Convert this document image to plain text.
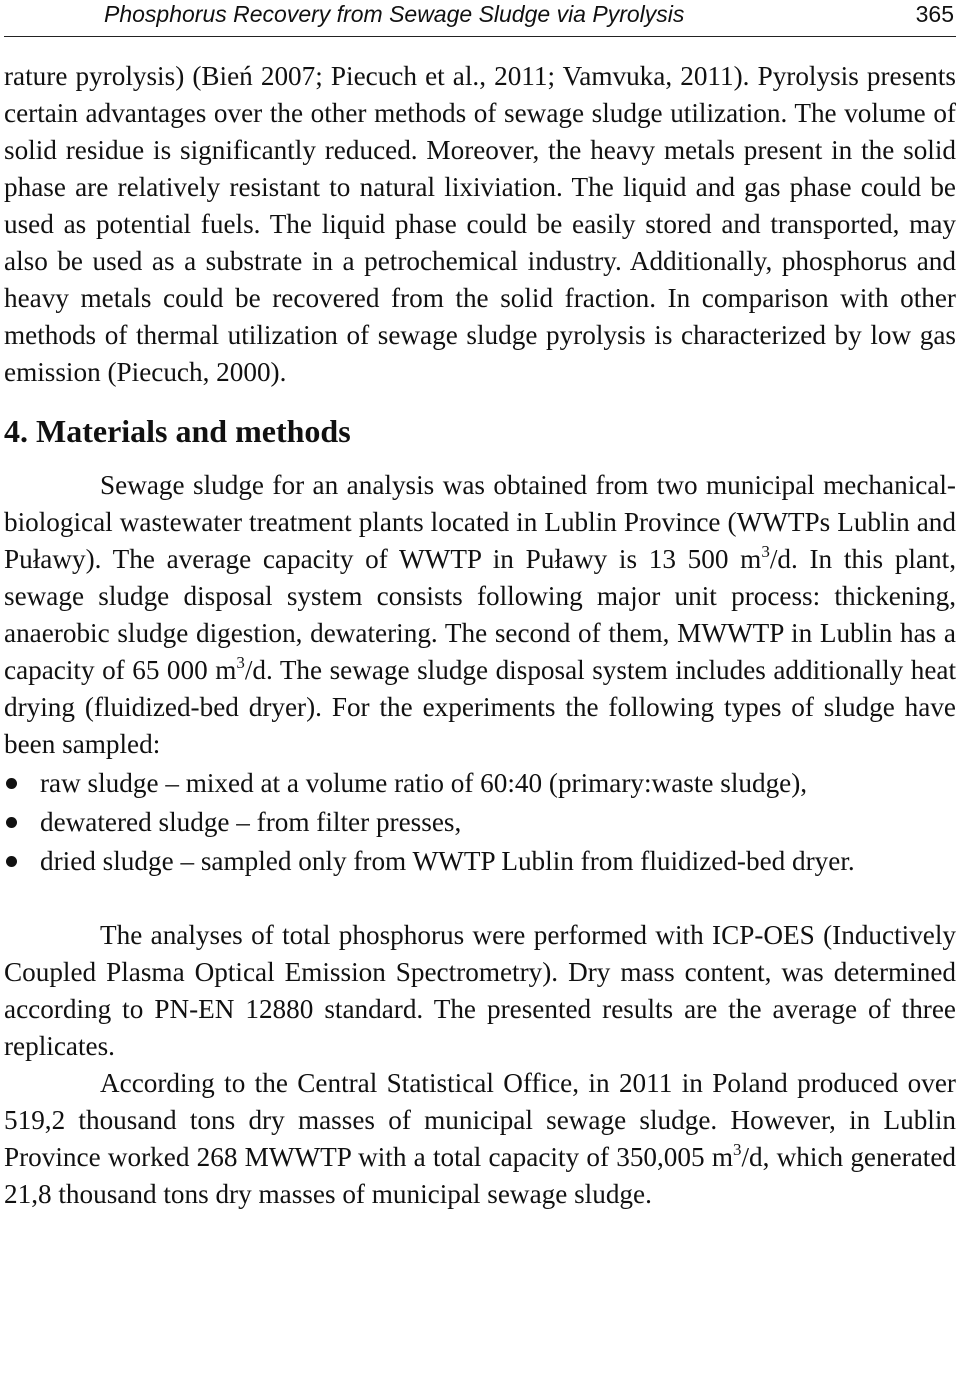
Phosphorus Recovery from Sewage Sludge via Pyrolysis	365

rature pyrolysis) (Bień 2007; Piecuch et al., 2011; Vamvuka, 2011). Pyrolysis presents certain advantages over the other methods of sewage sludge utilization. The volume of solid residue is significantly reduced. Moreover, the heavy metals present in the solid phase are relatively resistant to natural lixiviation. The liquid and gas phase could be used as potential fuels. The liquid phase could be easily stored and transported, may also be used as a substrate in a petrochemical industry. Additionally, phosphorus and heavy metals could be recovered from the solid fraction. In comparison with other methods of thermal utilization of sewage sludge pyrolysis is characterized by low gas emission (Piecuch, 2000).

4. Materials and methods

Sewage sludge for an analysis was obtained from two municipal mechanical-biological wastewater treatment plants located in Lublin Province (WWTPs Lublin and Puławy). The average capacity of WWTP in Puławy is 13 500 $m^3/d$. In this plant, sewage sludge disposal system consists following major unit process: thickening, anaerobic sludge digestion, dewatering. The second of them, MWWTP in Lublin has a capacity of 65 000 $m^3/d$. The sewage sludge disposal system includes additionally heat drying (fluidized-bed dryer). For the experiments the following types of sludge have been sampled:

raw sludge – mixed at a volume ratio of 60:40 (primary:waste sludge),
dewatered sludge – from filter presses,
dried sludge – sampled only from WWTP Lublin from fluidized-bed dryer.

The analyses of total phosphorus were performed with ICP-OES (Inductively Coupled Plasma Optical Emission Spectrometry). Dry mass content, was determined according to PN-EN 12880 standard. The presented results are the average of three replicates.

According to the Central Statistical Office, in 2011 in Poland produced over 519,2 thousand tons dry masses of municipal sewage sludge. However, in Lublin Province worked 268 MWWTP with a total capacity of 350,005 $m^3/d$, which generated 21,8 thousand tons dry masses of municipal sewage sludge.
